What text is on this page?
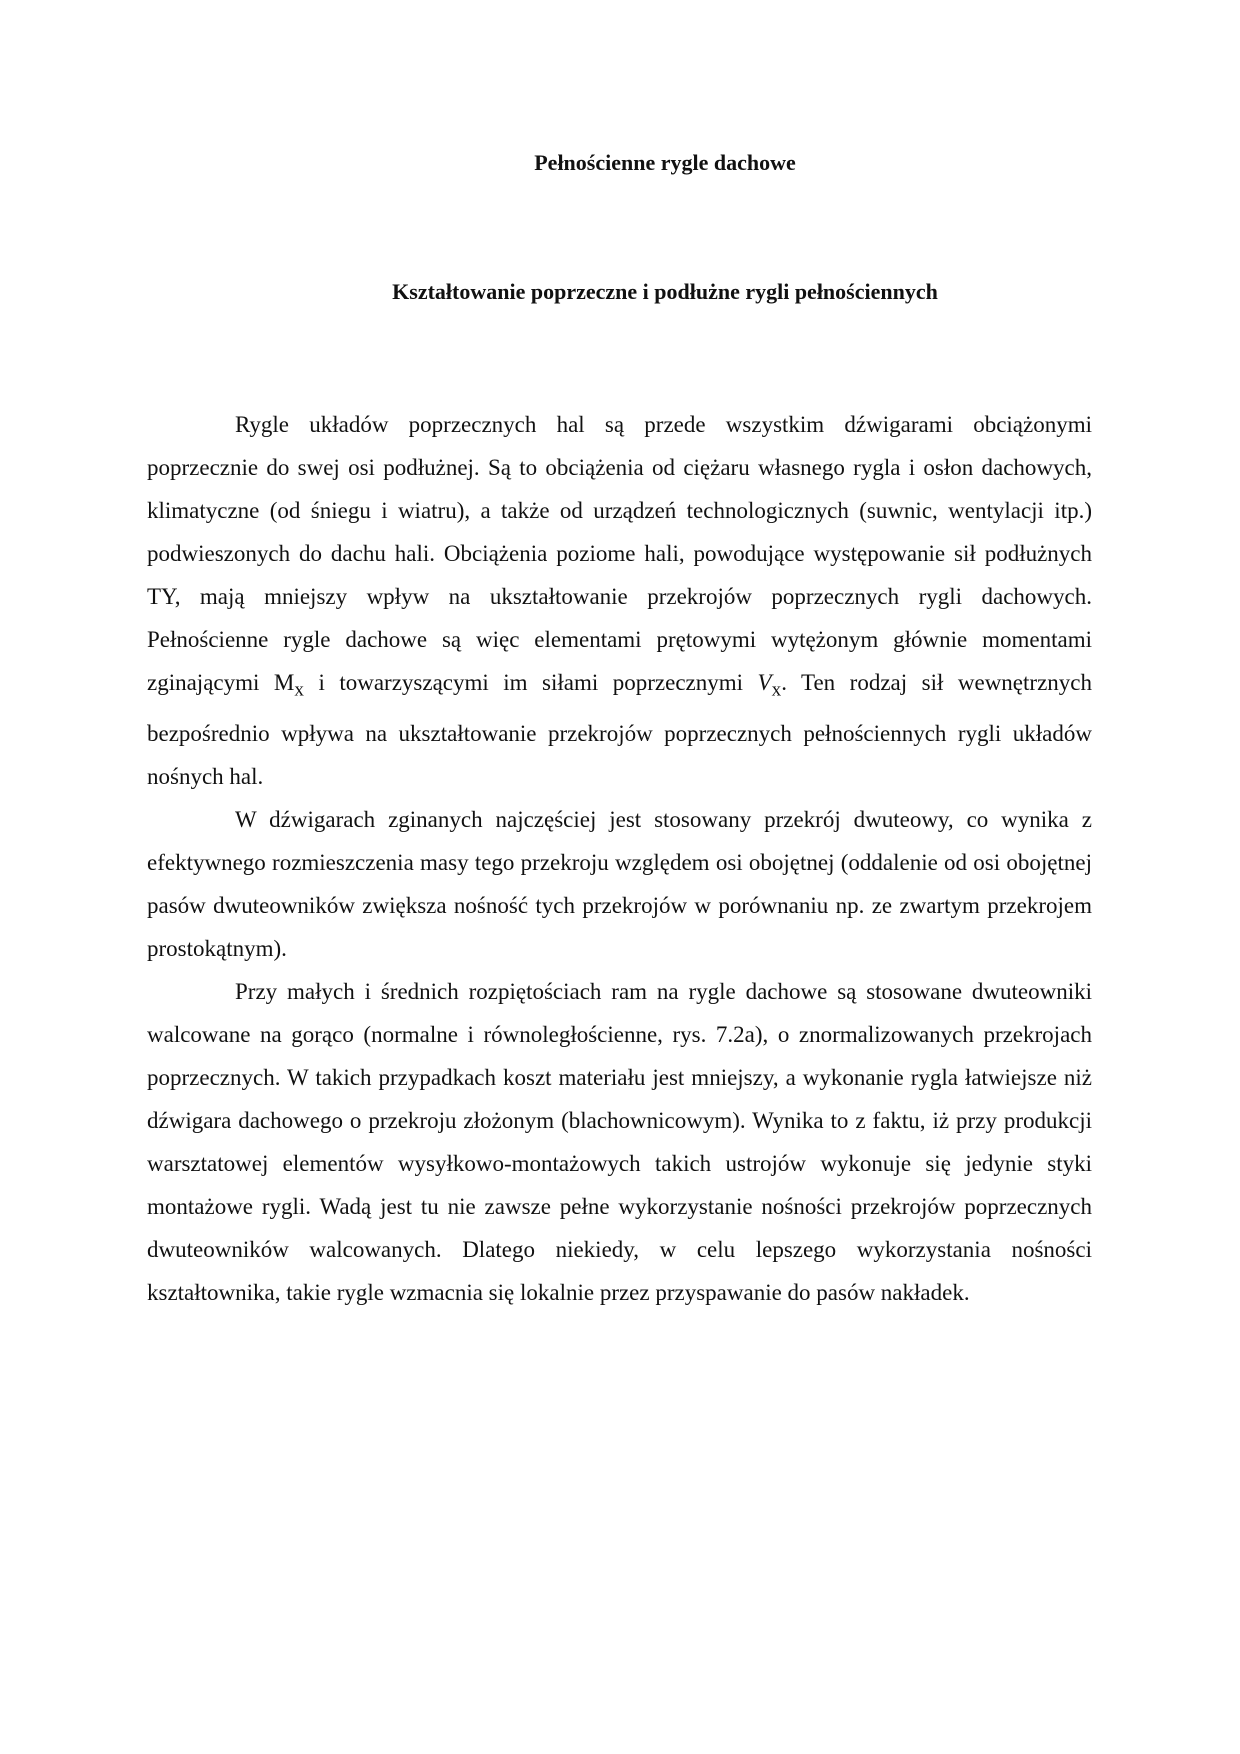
Pełnościenne rygle dachowe
Kształtowanie poprzeczne i podłużne rygli pełnościennych

Rygle układów poprzecznych hal są przede wszystkim dźwigarami obciążonymi poprzecznie do swej osi podłużnej. Są to obciążenia od ciężaru własnego rygla i osłon dachowych, klimatyczne (od śniegu i wiatru), a także od urządzeń technologicznych (suwnic, wentylacji itp.) podwieszonych do dachu hali. Obciążenia poziome hali, powodujące występowanie sił podłużnych TY, mają mniejszy wpływ na ukształtowanie przekrojów poprzecznych rygli dachowych. Pełnościenne rygle dachowe są więc elementami prętowymi wytężonym głównie momentami zginającymi $M_x$ i towarzyszącymi im siłami poprzecznymi $V_x$. Ten rodzaj sił wewnętrznych bezpośrednio wpływa na ukształtowanie przekrojów poprzecznych pełnościennych rygli układów nośnych hal.

W dźwigarach zginanych najczęściej jest stosowany przekrój dwuteowy, co wynika z efektywnego rozmieszczenia masy tego przekroju względem osi obojętnej (oddalenie od osi obojętnej pasów dwuteowników zwiększa nośność tych przekrojów w porównaniu np. ze zwartym przekrojem prostokątnym).

Przy małych i średnich rozpiętościach ram na rygle dachowe są stosowane dwuteowniki walcowane na gorąco (normalne i równoległościenne, rys. 7.2a), o znormalizowanych przekrojach poprzecznych. W takich przypadkach koszt materiału jest mniejszy, a wykonanie rygla łatwiejsze niż dźwigara dachowego o przekroju złożonym (blachownicowym). Wynika to z faktu, iż przy produkcji warsztatowej elementów wysyłkowo-montażowych takich ustrojów wykonuje się jedynie styki montażowe rygli. Wadą jest tu nie zawsze pełne wykorzystanie nośności przekrojów poprzecznych dwuteowników walcowanych. Dlatego niekiedy, w celu lepszego wykorzystania nośności kształtownika, takie rygle wzmacnia się lokalnie przez przyspawanie do pasów nakładek.
